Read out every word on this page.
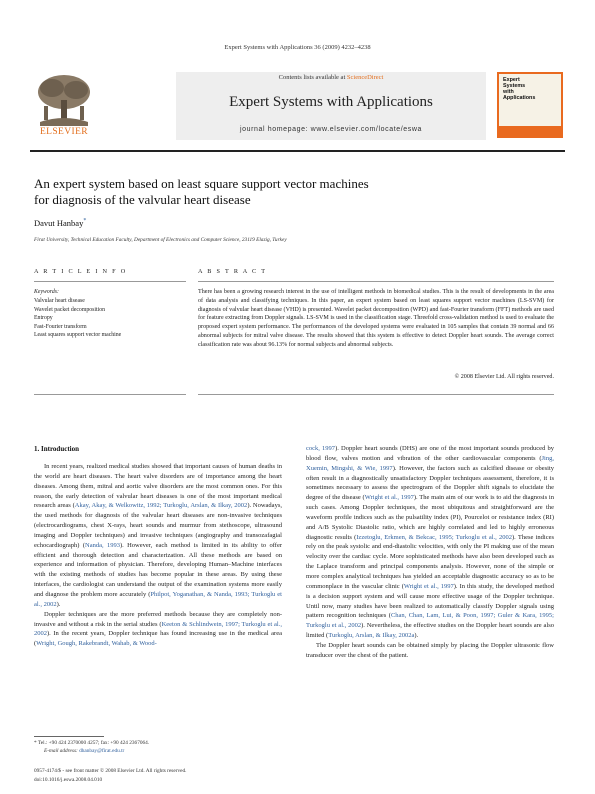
Expert Systems with Applications 36 (2009) 4232–4238
Contents lists available at ScienceDirect
Expert Systems with Applications
journal homepage: www.elsevier.com/locate/eswa
ELSEVIER
Expert
Systems
with
Applications
An expert system based on least square support vector machines
for diagnosis of the valvular heart disease
Davut Hanbay*
Firat University, Technical Education Faculty, Department of Electronics and Computer Science, 23119 Elazig, Turkey
A R T I C L E I N F O	A B S T R A C T
Keywords:
Valvular heart disease
Wavelet packet decomposition
Entropy
Fast-Fourier transform
Least squares support vector machine
There has been a growing research interest in the use of intelligent methods in biomedical studies. This is the result of developments in the area of data analysis and classifying techniques. In this paper, an expert system based on least squares support vector machines (LS-SVM) for diagnosis of valvular heart disease (VHD) is presented. Wavelet packet decomposition (WPD) and fast-Fourier transform (FFT) methods are used for feature extracting from Doppler signals. LS-SVM is used in the classification stage. Threefold cross-validation method is used to evaluate the proposed expert system performance. The performances of the developed systems were evaluated in 105 samples that contain 39 normal and 66 abnormal subjects for mitral valve disease. The results showed that this system is effective to detect Doppler heart sounds. The average correct classification rate was about 96.13% for normal subjects and abnormal subjects.
© 2008 Elsevier Ltd. All rights reserved.
1. Introduction

In recent years, realized medical studies showed that important causes of human deaths in the world are heart diseases. The heart valve disorders are of importance among the heart diseases. Among them, mitral and aortic valve disorders are the most common ones. For this reason, the early detection of valvular heart diseases is one of the most important medical research areas (Akay, Akay, & Welkowitz, 1992; Turkoglu, Arslan, & Ilkay, 2002). Nowadays, the used methods for diagnosis of the valvular heart diseases are non-invasive techniques (electrocardiograms, chest X-rays, heart sounds and murmur from stethoscope, ultrasound imaging and Doppler techniques) and invasive techniques (angiography and transozafagial echocardiograph) (Nanda, 1993). However, each method is limited in its ability to offer efficient and thorough detection and characterization. All these methods are based on experience and information of physician. Therefore, developing Human–Machine interfaces with the existing methods of studies has become popular in these areas. By using these interfaces, the cardiologist can understand the output of the examination systems more easily and diagnose the problem more accurately (Philpot, Yoganathan, & Nanda, 1993; Turkoglu et al., 2002).

Doppler techniques are the more preferred methods because they are completely non-invasive and without a risk in the serial studies (Keeton & Schlindwein, 1997; Turkoglu et al., 2002). In the recent years, Doppler technique has found increasing use in the medical area (Wright, Gough, Rakebrandt, Wahab, & Wood-

cock, 1997). Doppler heart sounds (DHS) are one of the most important sounds produced by blood flow, valves motion and vibration of the other cardiovascular components (Jing, Xuemin, Mingshi, & Wie, 1997). However, the factors such as calcified disease or obesity often result in a diagnostically unsatisfactory Doppler techniques assessment, therefore, it is sometimes necessary to assess the spectrogram of the Doppler shift signals to elucidate the degree of the disease (Wright et al., 1997). The main aim of our work is to aid the diagnosis in such cases. Among Doppler techniques, the most ubiquitous and straightforward are the waveform profile indices such as the pulsatility index (PI), Pourcelot or resistance index (RI) and A/B Systolic Diastolic ratio, which are highly correlated and led to highly erroneous diagnostic results (Izzetoglu, Erkmen, & Bekcac, 1995; Turkoglu et al., 2002). These indices rely on the peak systolic and end-diastolic velocities, with only the PI making use of the mean velocity over the cardiac cycle. More sophisticated methods have also been developed such as the Laplace transform and principal components analysis. However, none of the simple or more complex analytical techniques has yielded an acceptable diagnostic accuracy so as to be commonplace in the vascular clinic (Wright et al., 1997). In this study, the developed method is a decision support system and will cause more effective usage of the Doppler technique. Until now, many studies have been realized to automatically classify Doppler signals using pattern recognition techniques (Chan, Chan, Lam, Lui, & Poon, 1997; Guler & Kara, 1995; Turkoglu et al., 2002). Nevertheless, the effective studies on the Doppler heart sounds are also limited (Turkoglu, Arslan, & Ilkay, 2002a).

The Doppler heart sounds can be obtained simply by placing the Doppler ultrasonic flow transducer over the chest of the patient.

* Tel.: +90 424 2370000 4257; fax: +90 424 2367064.
E-mail address: dhanbay@firat.edu.tr
0957-4174/$ - see front matter © 2008 Elsevier Ltd. All rights reserved.
doi:10.1016/j.eswa.2008.04.010
